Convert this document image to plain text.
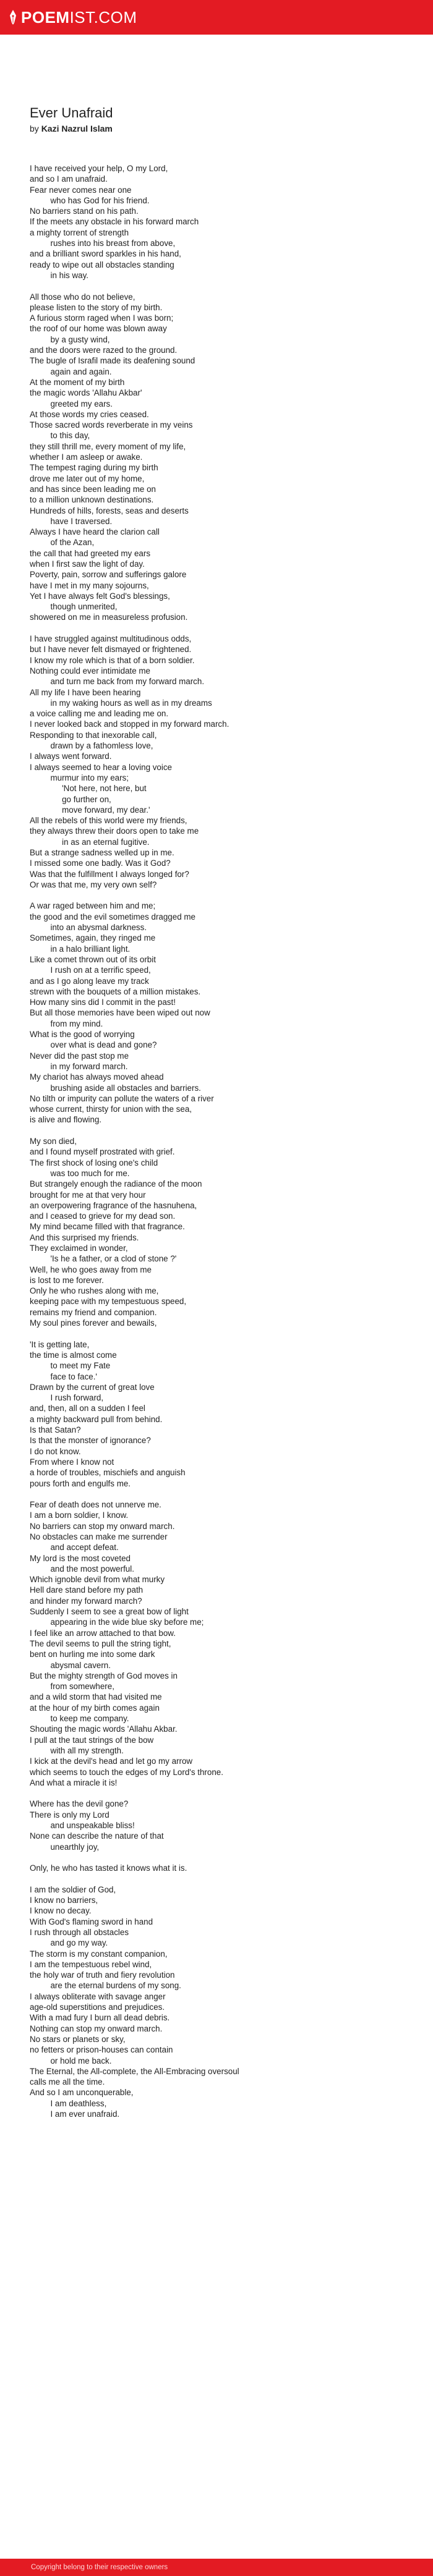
POEMIST.COM
Ever Unafraid
by Kazi Nazrul Islam

I have received your help, O my Lord,
and so I am unafraid.
Fear never comes near one
who has God for his friend.
No barriers stand on his path.
If the meets any obstacle in his forward march
a mighty torrent of strength
rushes into his breast from above,
and a brilliant sword sparkles in his hand,
ready to wipe out all obstacles standing
in his way.

All those who do not believe,
please listen to the story of my birth.
A furious storm raged when I was born;
the roof of our home was blown away
by a gusty wind,
and the doors were razed to the ground.
The bugle of Israfil made its deafening sound
again and again.
At the moment of my birth
the magic words 'Allahu Akbar'
greeted my ears.
At those words my cries ceased.
Those sacred words reverberate in my veins
to this day,
they still thrill me, every moment of my life,
whether I am asleep or awake.
The tempest raging during my birth
drove me later out of my home,
and has since been leading me on
to a million unknown destinations.
Hundreds of hills, forests, seas and deserts
have I traversed.
Always I have heard the clarion call
of the Azan,
the call that had greeted my ears
when I first saw the light of day.
Poverty, pain, sorrow and sufferings galore
have I met in my many sojourns,
Yet I have always felt God's blessings,
though unmerited,
showered on me in measureless profusion.

I have struggled against multitudinous odds,
but I have never felt dismayed or frightened.
I know my role which is that of a born soldier.
Nothing could ever intimidate me
and turn me back from my forward march.
All my life I have been hearing
in my waking hours as well as in my dreams
a voice calling me and leading me on.
I never looked back and stopped in my forward march.
Responding to that inexorable call,
drawn by a fathomless love,
I always went forward.
I always seemed to hear a loving voice
murmur into my ears;
'Not here, not here, but
go further on,
move forward, my dear.'
All the rebels of this world were my friends,
they always threw their doors open to take me
in as an eternal fugitive.
But a strange sadness welled up in me.
I missed some one badly. Was it God?
Was that the fulfillment I always longed for?
Or was that me, my very own self?

A war raged between him and me;
the good and the evil sometimes dragged me
into an abysmal darkness.
Sometimes, again, they ringed me
in a halo brilliant light.
Like a comet thrown out of its orbit
I rush on at a terrific speed,
and as I go along leave my track
strewn with the bouquets of a million mistakes.
How many sins did I commit in the past!
But all those memories have been wiped out now
from my mind.
What is the good of worrying
over what is dead and gone?
Never did the past stop me
in my forward march.
My chariot has always moved ahead
brushing aside all obstacles and barriers.
No tilth or impurity can pollute the waters of a river
whose current, thirsty for union with the sea,
is alive and flowing.

My son died,
and I found myself prostrated with grief.
The first shock of losing one's child
was too much for me.
But strangely enough the radiance of the moon
brought for me at that very hour
an overpowering fragrance of the hasnuhena,
and I ceased to grieve for my dead son.
My mind became filled with that fragrance.
And this surprised my friends.
They exclaimed in wonder,
'Is he a father, or a clod of stone ?'
Well, he who goes away from me
is lost to me forever.
Only he who rushes along with me,
keeping pace with my tempestuous speed,
remains my friend and companion.
My soul pines forever and bewails,

'It is getting late,
the time is almost come
to meet my Fate
face to face.'
Drawn by the current of great love
I rush forward,
and, then, all on a sudden I feel
a mighty backward pull from behind.
Is that Satan?
Is that the monster of ignorance?
I do not know.
From where I know not
a horde of troubles, mischiefs and anguish
pours forth and engulfs me.

Fear of death does not unnerve me.
I am a born soldier, I know.
No barriers can stop my onward march.
No obstacles can make me surrender
and accept defeat.
My lord is the most coveted
and the most powerful.
Which ignoble devil from what murky
Hell dare stand before my path
and hinder my forward march?
Suddenly I seem to see a great bow of light
appearing in the wide blue sky before me;
I feel like an arrow attached to that bow.
The devil seems to pull the string tight,
bent on hurling me into some dark
abysmal cavern.
But the mighty strength of God moves in
from somewhere,
and a wild storm that had visited me
at the hour of my birth comes again
to keep me company.
Shouting the magic words 'Allahu Akbar.
I pull at the taut strings of the bow
with all my strength.
I kick at the devil's head and let go my arrow
which seems to touch the edges of my Lord's throne.
And what a miracle it is!

Where has the devil gone?
There is only my Lord
and unspeakable bliss!
None can describe the nature of that
unearthly joy,

Only, he who has tasted it knows what it is.

I am the soldier of God,
I know no barriers,
I know no decay.
With God's flaming sword in hand
I rush through all obstacles
and go my way.
The storm is my constant companion,
I am the tempestuous rebel wind,
the holy war of truth and fiery revolution
are the eternal burdens of my song.
I always obliterate with savage anger
age-old superstitions and prejudices.
With a mad fury I burn all dead debris.
Nothing can stop my onward march.
No stars or planets or sky,
no fetters or prison-houses can contain
or hold me back.
The Eternal, the All-complete, the All-Embracing oversoul
calls me all the time.
And so I am unconquerable,
I am deathless,
I am ever unafraid.

Copyright belong to their respective owners
